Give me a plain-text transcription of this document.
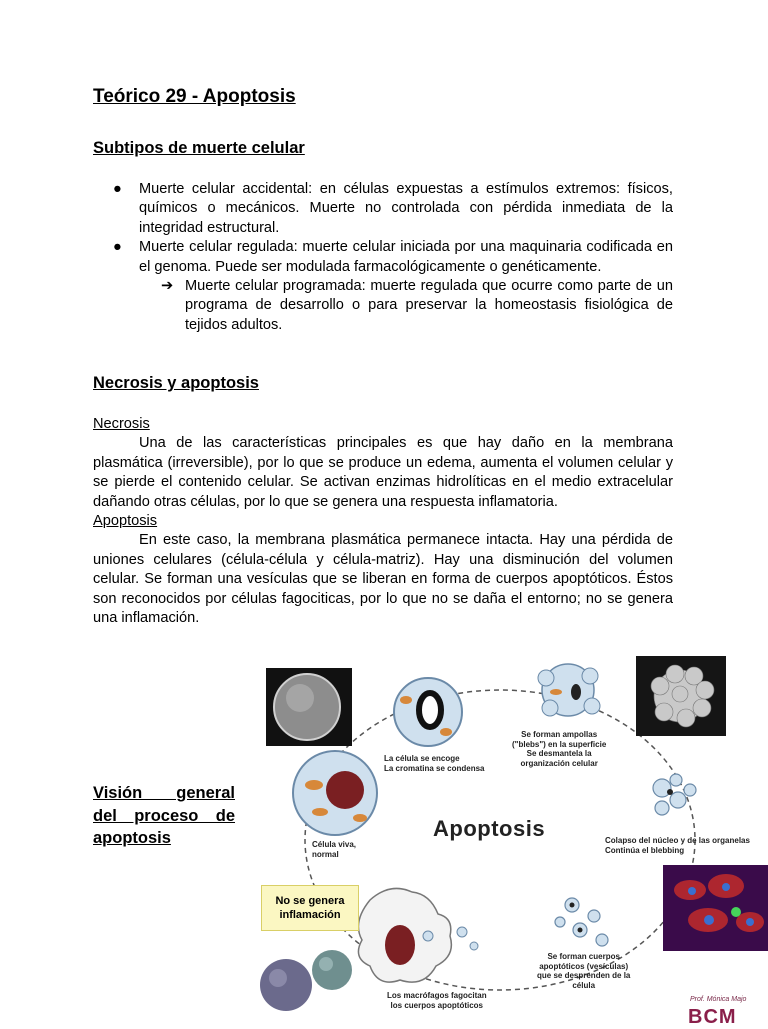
Teórico 29 - Apoptosis
Subtipos de muerte celular
● Muerte celular accidental: en células expuestas a estímulos extremos: físicos, químicos o mecánicos. Muerte no controlada con pérdida inmediata de la integridad estructural.
● Muerte celular regulada: muerte celular iniciada por una maquinaria codificada en el genoma. Puede ser modulada farmacológicamente o genéticamente.
➔ Muerte celular programada: muerte regulada que ocurre como parte de un programa de desarrollo o para preservar la homeostasis fisiológica de tejidos adultos.
Necrosis y apoptosis
Necrosis
Una de las características principales es que hay daño en la membrana plasmática (irreversible), por lo que se produce un edema, aumenta el volumen celular y se pierde el contenido celular. Se activan enzimas hidrolíticas en el medio extracelular dañando otras células, por lo que se genera una respuesta inflamatoria.
Apoptosis
En este caso, la membrana plasmática permanece intacta. Hay una pérdida de uniones celulares (célula-célula y célula-matriz). Hay una disminución del volumen celular. Se forman una vesículas que se liberan en forma de cuerpos apoptóticos. Éstos son reconocidos por células fagociticas, por lo que no se daña el entorno; no se genera una inflamación.
Visión general
del proceso de
apoptosis	Apoptosis
No se genera
inflamación
Célula viva,
normal
La célula se encoge
La cromatina se condensa
Se forman ampollas
("blebs") en la superficie
Se desmantela la
organización celular
Colapso del núcleo y de las organelas
Continúa el blebbing
Se forman cuerpos
apoptóticos (vesículas)
que se desprenden de la
célula
Los macrófagos fagocitan
los cuerpos apoptóticos
Prof. Mónica Majo
BCM
